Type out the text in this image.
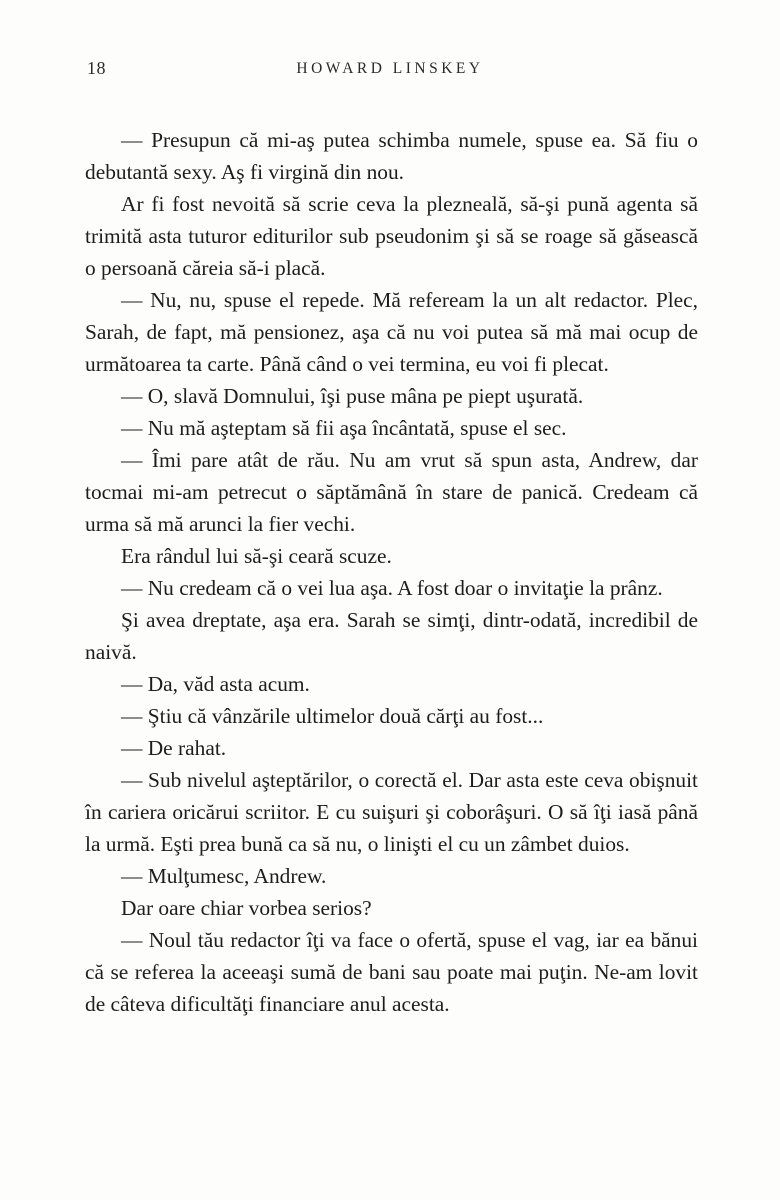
18	HOWARD LINSKEY

— Presupun că mi-aş putea schimba numele, spuse ea. Să fiu o debutantă sexy. Aş fi virgină din nou.

Ar fi fost nevoită să scrie ceva la plezneală, să-şi pună agenta să trimită asta tuturor editurilor sub pseudonim şi să se roage să găsească o persoană căreia să-i placă.

— Nu, nu, spuse el repede. Mă refeream la un alt redactor. Plec, Sarah, de fapt, mă pensionez, aşa că nu voi putea să mă mai ocup de următoarea ta carte. Până când o vei termina, eu voi fi plecat.

— O, slavă Domnului, îşi puse mâna pe piept uşurată.

— Nu mă aşteptam să fii aşa încântată, spuse el sec.

— Îmi pare atât de rău. Nu am vrut să spun asta, Andrew, dar tocmai mi-am petrecut o săptămână în stare de panică. Credeam că urma să mă arunci la fier vechi.

Era rândul lui să-şi ceară scuze.

— Nu credeam că o vei lua aşa. A fost doar o invitaţie la prânz.

Şi avea dreptate, aşa era. Sarah se simţi, dintr-odată, incredibil de naivă.

— Da, văd asta acum.

— Ştiu că vânzările ultimelor două cărţi au fost...

— De rahat.

— Sub nivelul aşteptărilor, o corectă el. Dar asta este ceva obişnuit în cariera oricărui scriitor. E cu suişuri şi coborâşuri. O să îţi iasă până la urmă. Eşti prea bună ca să nu, o linişti el cu un zâmbet duios.

— Mulţumesc, Andrew.

Dar oare chiar vorbea serios?

— Noul tău redactor îţi va face o ofertă, spuse el vag, iar ea bănui că se referea la aceeaşi sumă de bani sau poate mai puţin. Ne-am lovit de câteva dificultăţi financiare anul acesta.
